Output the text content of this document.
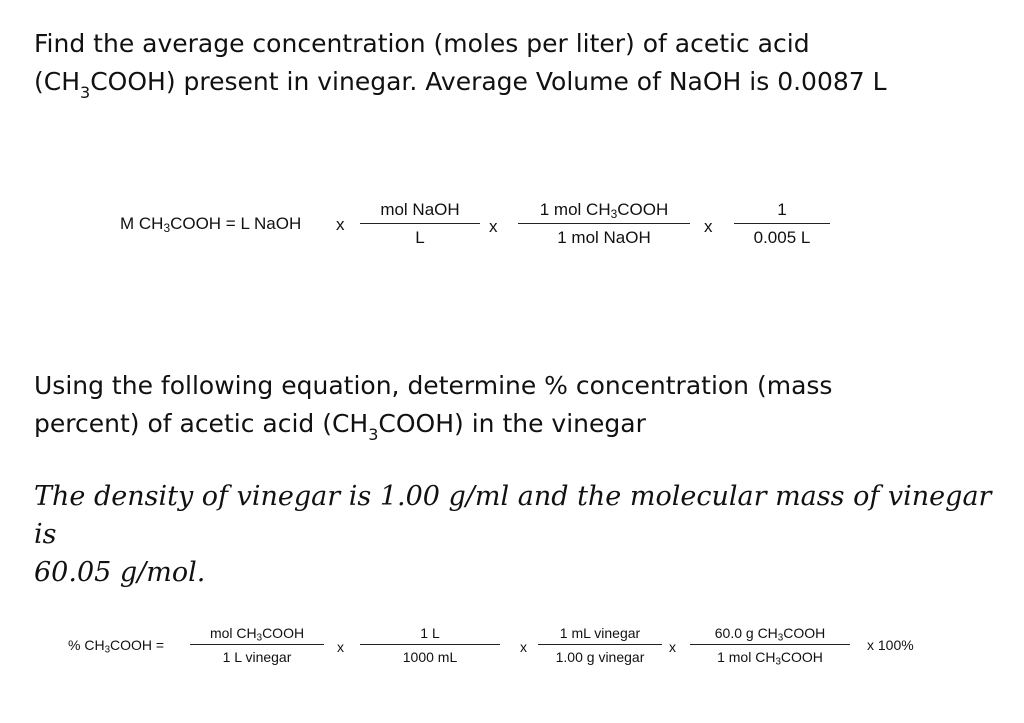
Find the average concentration (moles per liter) of acetic acid
$(CH_3COOH)$ present in vinegar. Average Volume of NaOH is 0.0087 L
M $CH_3COOH = L$ NaOH x
mol NaOH
L
x
1 mol $CH_3COOH$
1 mol NaOH
x
1
0.005 L
Using the following equation, determine % concentration (mass
percent) of acetic acid $(CH_3COOH)$ in the vinegar
The density of vinegar is 1.00 g/ml and the molecular mass of vinegar is
60.05 g/mol.
% $CH_3COOH$ =
mol $CH_3COOH$
1 L vinegar
x
1 L
1000 mL
x
1 mL vinegar
1.00 g vinegar
x
60.0 g $CH_3COOH$
1 mol $CH_3COOH$
x 100%
